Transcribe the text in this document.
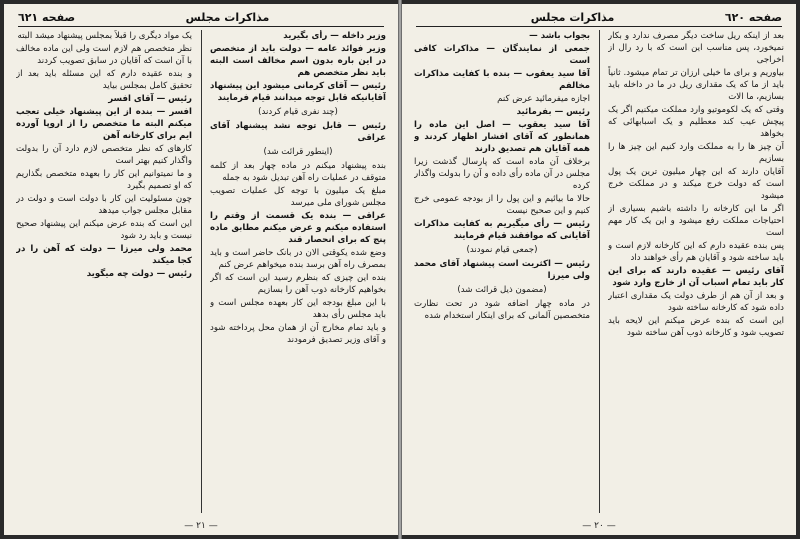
مذاکرات مجلس	صفحه ٦٢٠

بعد از اینکه ریل ساخت دیگر مصرف ندارد و بکار نمیخورد، پس مناسب این است که با رد رال از اخراجی

بیاوریم و برای ما خیلی ارزان تر تمام میشود. ثانیاً باید از ما که یک مقداری ریل در ما در داخله باید بسازیم، ما الات

وقتی که یک لکوموتیو وارد مملکت میکنیم اگر یک پیچش عیب کند معطلیم و یک اسبابهائی که بخواهد

آن چیز ها را به مملکت وارد کنیم این چیز ها را بسازیم

آقایان دارند که این چهار میلیون ترین یک پول است که دولت خرج میکند و در مملکت خرج میشود

اگر ما این کارخانه را داشته باشیم بسیاری از احتیاجات مملکت رفع میشود و این یک کار مهم است

پس بنده عقیده دارم که این کارخانه لازم است و باید ساخته شود و آقایان هم رأی خواهند داد

آقای رئیس — عقیده دارند که برای این کار باید تمام اسباب آن از خارج وارد شود

و بعد از آن هم از طرف دولت یک مقداری اعتبار داده شود که کارخانه ساخته شود

این است که بنده عرض میکنم این لایحه باید تصویب شود و کارخانه ذوب آهن ساخته شود

بجواب باشد —

جمعی از نمایندگان — مذاکرات کافی است

آقا سید یعقوب — بنده با کفایت مذاکرات مخالفم

اجازه میفرمائید عرض کنم

رئیس — بفرمائید

آقا سید یعقوب — اصل این ماده را همانطور که آقای افشار اظهار کردند و همه آقایان هم تصدیق دارند

برخلاف آن ماده است که پارسال گذشت زیرا مجلس در آن ماده رأی داده و آن را بدولت واگذار کرده

حالا ما بیائیم و این پول را از بودجه عمومی خرج کنیم و این صحیح نیست

رئیس — رأی میگیریم به کفایت مذاکرات آقایانی که موافقند قیام فرمایند

(جمعی قیام نمودند)

رئیس — اکثریت است پیشنهاد آقای محمد ولی میرزا

(مضمون ذیل قرائت شد)

در ماده چهار اضافه شود در تحت نظارت متخصصین آلمانی که برای اینکار استخدام شده

— ٢٠ —
صفحه ٦٢١	مذاکرات مجلس

وزیر داخله — رأی بگیرید

وزیر فوائد عامه — دولت باید از متخصص در این باره بدون اسم مخالف است البته باید نظر متخصص هم

رئیس — آقای کرمانی میشود این پیشنهاد آقایانیکه قابل توجه میدانند قیام فرمایند

(چند نفری قیام کردند)

رئیس — قابل توجه نشد پیشنهاد آقای عراقی

(اینطور قرائت شد)

بنده پیشنهاد میکنم در ماده چهار بعد از کلمه متوقف در عملیات راه آهن تبدیل شود به جمله

مبلغ یک میلیون با توجه کل عملیات تصویب مجلس شورای ملی میرسد

عراقی — بنده یک قسمت از وقتم را استفاده میکنم و عرض میکنم مطابق ماده پنج که برای انحصار قند

وضع شده یکوقتی الان در بانک حاضر است و باید بمصرف راه آهن برسد بنده میخواهم عرض کنم

بنده این چیزی که بنظرم رسید این است که اگر بخواهیم کارخانه ذوب آهن را بسازیم

با این مبلغ بودجه این کار بعهده مجلس است و باید مجلس رأی بدهد

و باید تمام مخارج آن از همان محل پرداخته شود و آقای وزیر تصدیق فرمودند

یک مواد دیگری را قبلاً بمجلس پیشنهاد میشد البته

نظر متخصص هم لازم است ولی این ماده مخالف با آن است که آقایان در سابق تصویب کردند

و بنده عقیده دارم که این مسئله باید بعد از تحقیق کامل بمجلس بیاید

رئیس — آقای افسر

افسر — بنده از این پیشنهاد خیلی تعجب میکنم البته ما متخصص را از اروپا آورده ایم برای کارخانه آهن

کارهای که نظر متخصص لازم دارد آن را بدولت واگذار کنیم بهتر است

و ما نمیتوانیم این کار را بعهده متخصص بگذاریم که او تصمیم بگیرد

چون مسئولیت این کار با دولت است و دولت در مقابل مجلس جواب میدهد

این است که بنده عرض میکنم این پیشنهاد صحیح نیست و باید رد شود

محمد ولی میرزا — دولت که آهن را در کجا میکند

رئیس — دولت چه میگوید

— ٢١ —
